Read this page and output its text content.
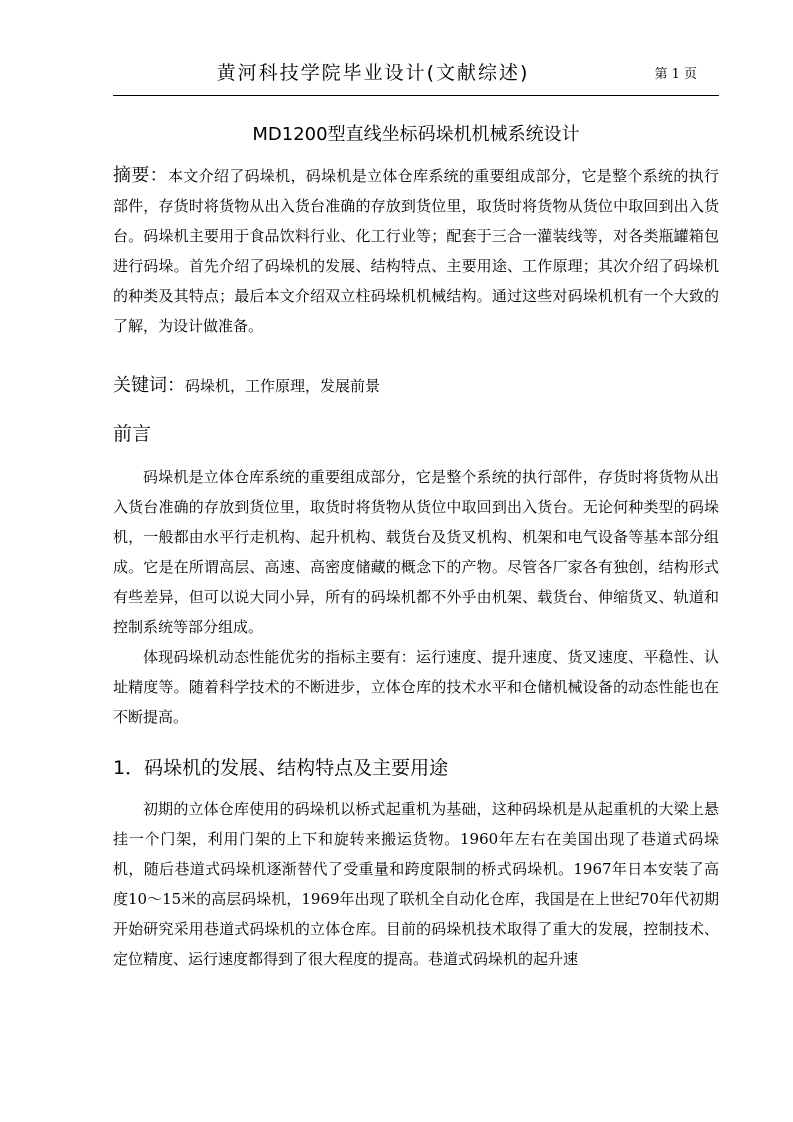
黄河科技学院毕业设计(文献综述)	第 1 页
MD1200型直线坐标码垛机机械系统设计

摘要：本文介绍了码垛机，码垛机是立体仓库系统的重要组成部分，它是整个系统的执行部件，存货时将货物从出入货台准确的存放到货位里，取货时将货物从货位中取回到出入货台。码垛机主要用于食品饮料行业、化工行业等；配套于三合一灌装线等，对各类瓶罐箱包进行码垛。首先介绍了码垛机的发展、结构特点、主要用途、工作原理；其次介绍了码垛机的种类及其特点；最后本文介绍双立柱码垛机机械结构。通过这些对码垛机机有一个大致的了解，为设计做准备。

关键词：码垛机，工作原理，发展前景

前言

码垛机是立体仓库系统的重要组成部分，它是整个系统的执行部件，存货时将货物从出入货台准确的存放到货位里，取货时将货物从货位中取回到出入货台。无论何种类型的码垛机，一般都由水平行走机构、起升机构、载货台及货叉机构、机架和电气设备等基本部分组成。它是在所谓高层、高速、高密度储藏的概念下的产物。尽管各厂家各有独创，结构形式有些差异，但可以说大同小异，所有的码垛机都不外乎由机架、载货台、伸缩货叉、轨道和控制系统等部分组成。

体现码垛机动态性能优劣的指标主要有：运行速度、提升速度、货叉速度、平稳性、认址精度等。随着科学技术的不断进步，立体仓库的技术水平和仓储机械设备的动态性能也在不断提高。

1．码垛机的发展、结构特点及主要用途

初期的立体仓库使用的码垛机以桥式起重机为基础，这种码垛机是从起重机的大梁上悬挂一个门架，利用门架的上下和旋转来搬运货物。1960年左右在美国出现了巷道式码垛机，随后巷道式码垛机逐渐替代了受重量和跨度限制的桥式码垛机。1967年日本安装了高度10～15米的高层码垛机，1969年出现了联机全自动化仓库，我国是在上世纪70年代初期开始研究采用巷道式码垛机的立体仓库。目前的码垛机技术取得了重大的发展，控制技术、定位精度、运行速度都得到了很大程度的提高。巷道式码垛机的起升速
